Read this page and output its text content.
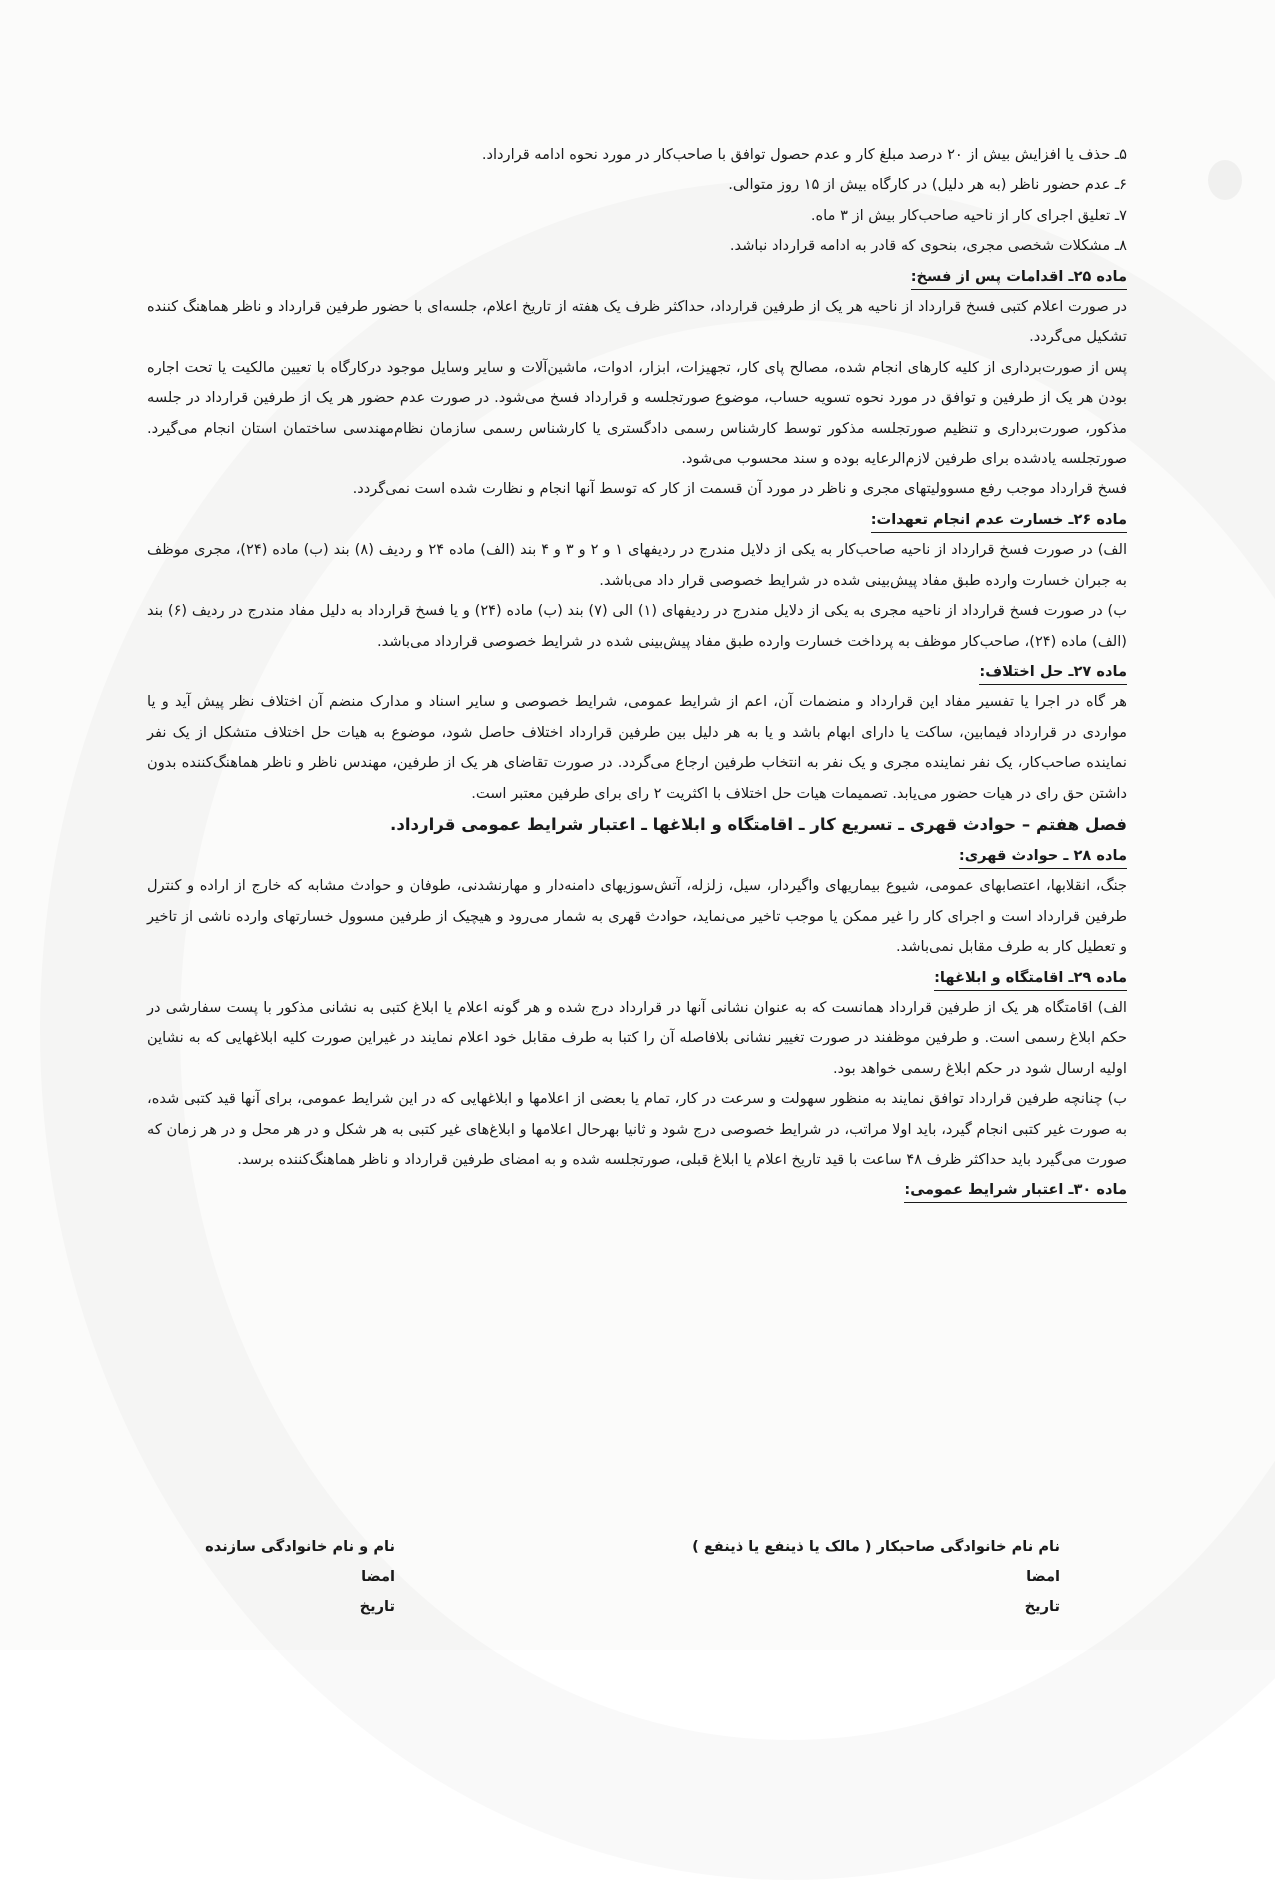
۵ـ حذف یا افزایش بیش از ۲۰ درصد مبلغ کار و عدم حصول توافق با صاحب‌کار در مورد نحوه ادامه قرارداد.
۶ـ عدم حضور ناظر (به هر دلیل) در کارگاه بیش از ۱۵ روز متوالی.
۷ـ تعلیق اجرای کار از ناحیه صاحب‌کار بیش از ۳ ماه.
۸ـ مشکلات شخصی مجری، بنحوی که قادر به ادامه قرارداد نباشد.
ماده ۲۵ـ اقدامات پس از فسخ:

در صورت اعلام کتبی فسخ قرارداد از ناحیه هر یک از طرفین قرارداد، حداکثر ظرف یک هفته از تاریخ اعلام، جلسه‌ای با حضور طرفین قرارداد و ناظر هماهنگ کننده تشکیل می‌گردد.

پس از صورت‌برداری از کلیه کارهای انجام شده، مصالح پای کار، تجهیزات، ابزار، ادوات، ماشین‌آلات و سایر وسایل موجود درکارگاه با تعیین مالکیت یا تحت اجاره بودن هر یک از طرفین و توافق در مورد نحوه تسویه حساب، موضوع صورتجلسه و قرارداد فسخ می‌شود. در صورت عدم حضور هر یک از طرفین قرارداد در جلسه مذکور، صورت‌برداری و تنظیم صورتجلسه مذکور توسط کارشناس رسمی دادگستری یا کارشناس رسمی سازمان نظام‌مهندسی ساختمان استان انجام می‌گیرد. صورتجلسه یادشده برای طرفین لازم‌الرعایه بوده و سند محسوب می‌شود.

فسخ قرارداد موجب رفع مسوولیتهای مجری و ناظر در مورد آن قسمت از کار که توسط آنها انجام و نظارت شده است نمی‌گردد.

ماده ۲۶ـ خسارت عدم انجام تعهدات:

الف) در صورت فسخ قرارداد از ناحیه صاحب‌کار به یکی از دلایل مندرج در ردیفهای ۱ و ۲ و ۳ و ۴ بند (الف) ماده ۲۴ و ردیف (۸) بند (ب) ماده (۲۴)، مجری موظف به جبران خسارت وارده طبق مفاد پیش‌بینی شده در شرایط خصوصی قرار داد می‌باشد.

ب) در صورت فسخ قرارداد از ناحیه مجری به یکی از دلایل مندرج در ردیفهای (۱) الی (۷) بند (ب) ماده (۲۴) و یا فسخ قرارداد به دلیل مفاد مندرج در ردیف (۶) بند (الف) ماده (۲۴)، صاحب‌کار موظف به پرداخت خسارت وارده طبق مفاد پیش‌بینی شده در شرایط خصوصی قرارداد می‌باشد.

ماده ۲۷ـ حل اختلاف:

هر گاه در اجرا یا تفسیر مفاد این قرارداد و منضمات آن، اعم از شرایط عمومی، شرایط خصوصی و سایر اسناد و مدارک منضم آن اختلاف نظر پیش آید و یا مواردی در قرارداد فیمابین، ساکت یا دارای ابهام باشد و یا به هر دلیل بین طرفین قرارداد اختلاف حاصل شود، موضوع به هیات حل اختلاف متشکل از یک نفر نماینده صاحب‌کار، یک نفر نماینده مجری و یک نفر به انتخاب طرفین ارجاع می‌گردد. در صورت تقاضای هر یک از طرفین، مهندس ناظر و ناظر هماهنگ‌کننده بدون داشتن حق رای در هیات حضور می‌یابد. تصمیمات هیات حل اختلاف با اکثریت ۲ رای برای طرفین معتبر است.

فصل هفتم – حوادث قهری ـ تسریع کار ـ اقامتگاه و ابلاغها ـ اعتبار شرایط عمومی قرارداد.

ماده ۲۸ ـ حوادث قهری:

جنگ، انقلابها، اعتصابهای عمومی، شیوع بیماریهای واگیردار، سیل، زلزله، آتش‌سوزیهای دامنه‌دار و مهارنشدنی، طوفان و حوادث مشابه که خارج از اراده و کنترل طرفین قرارداد است و اجرای کار را غیر ممکن یا موجب تاخیر می‌نماید، حوادث قهری به شمار می‌رود و هیچیک از طرفین مسوول خسارتهای وارده ناشی از تاخیر و تعطیل کار به طرف مقابل نمی‌باشد.

ماده ۲۹ـ اقامتگاه و ابلاغها:

الف) اقامتگاه هر یک از طرفین قرارداد همانست که به عنوان نشانی آنها در قرارداد درج شده و هر گونه اعلام یا ابلاغ کتبی به نشانی مذکور با پست سفارشی در حکم ابلاغ رسمی است. و طرفین موظفند در صورت تغییر نشانی بلافاصله آن را کتبا به طرف مقابل خود اعلام نمایند در غیراین صورت کلیه ابلاغهایی که به نشاین اولیه ارسال شود در حکم ابلاغ رسمی خواهد بود.

ب) چنانچه طرفین قرارداد توافق نمایند به منظور سهولت و سرعت در کار، تمام یا بعضی از اعلامها و ابلاغهایی که در این شرایط عمومی، برای آنها قید کتبی شده، به صورت غیر کتبی انجام گیرد، باید اولا مراتب، در شرایط خصوصی درج شود و ثانیا بهرحال اعلامها و ابلاغ‌های غیر کتبی به هر شکل و در هر محل و در هر زمان که صورت می‌گیرد باید حداکثر ظرف ۴۸ ساعت با قید تاریخ اعلام یا ابلاغ قبلی، صورتجلسه شده و به امضای طرفین قرارداد و ناظر هماهنگ‌کننده برسد.

ماده ۳۰ـ اعتبار شرایط عمومی:
نام نام خانوادگی صاحبکار ( مالک یا ذینفع یا ذینفع )
امضا
تاریخ
نام و نام خانوادگی سازنده
امضا
تاریخ
